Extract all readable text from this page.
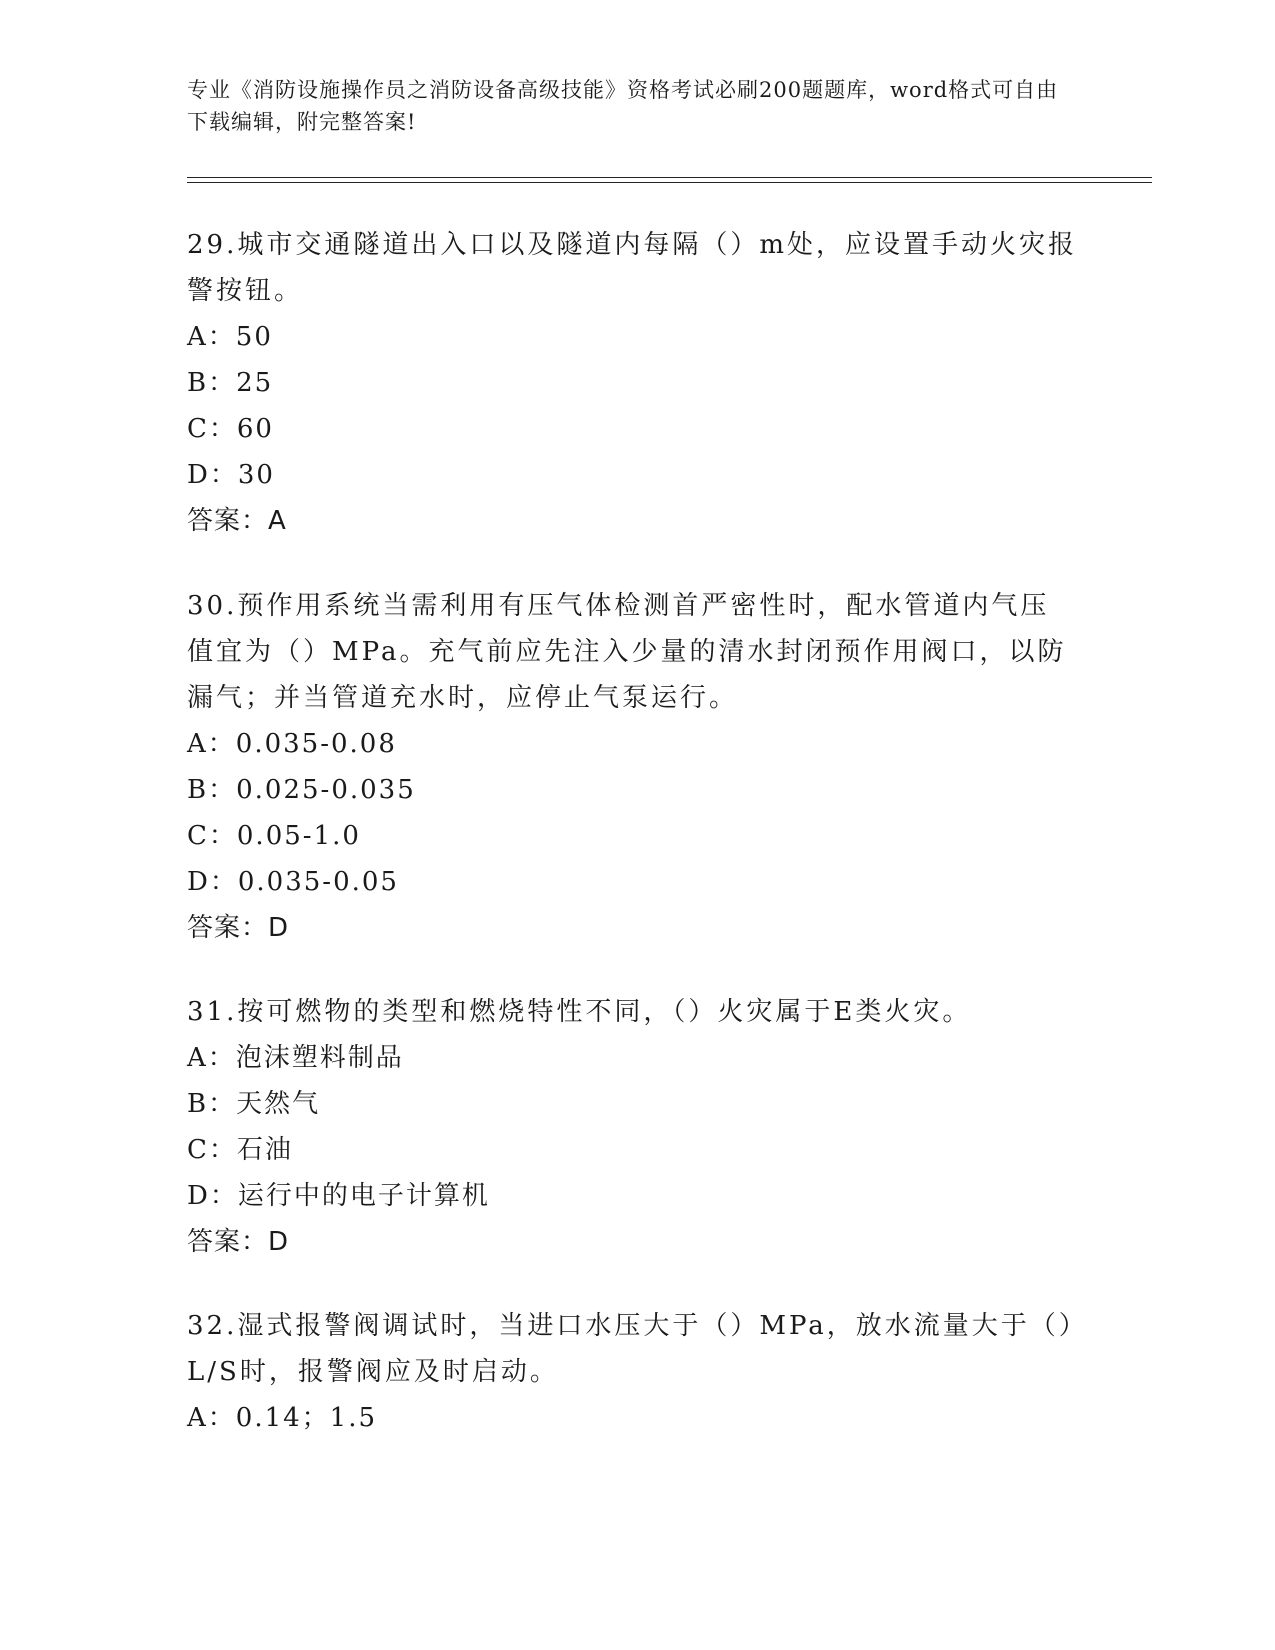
专业《消防设施操作员之消防设备高级技能》资格考试必刷200题题库，word格式可自由下载编辑，附完整答案!

29.城市交通隧道出入口以及隧道内每隔（）m处，应设置手动火灾报警按钮。

A：50
B：25
C：60
D：30
答案：A

30.预作用系统当需利用有压气体检测首严密性时，配水管道内气压值宜为（）MPa。充气前应先注入少量的清水封闭预作用阀口，以防漏气；并当管道充水时，应停止气泵运行。

A：0.035-0.08
B：0.025-0.035
C：0.05-1.0
D：0.035-0.05
答案：D

31.按可燃物的类型和燃烧特性不同，（）火灾属于E类火灾。

A：泡沫塑料制品
B：天然气
C：石油
D：运行中的电子计算机
答案：D

32.湿式报警阀调试时，当进口水压大于（）MPa，放水流量大于（）L/S时，报警阀应及时启动。

A：0.14；1.5
